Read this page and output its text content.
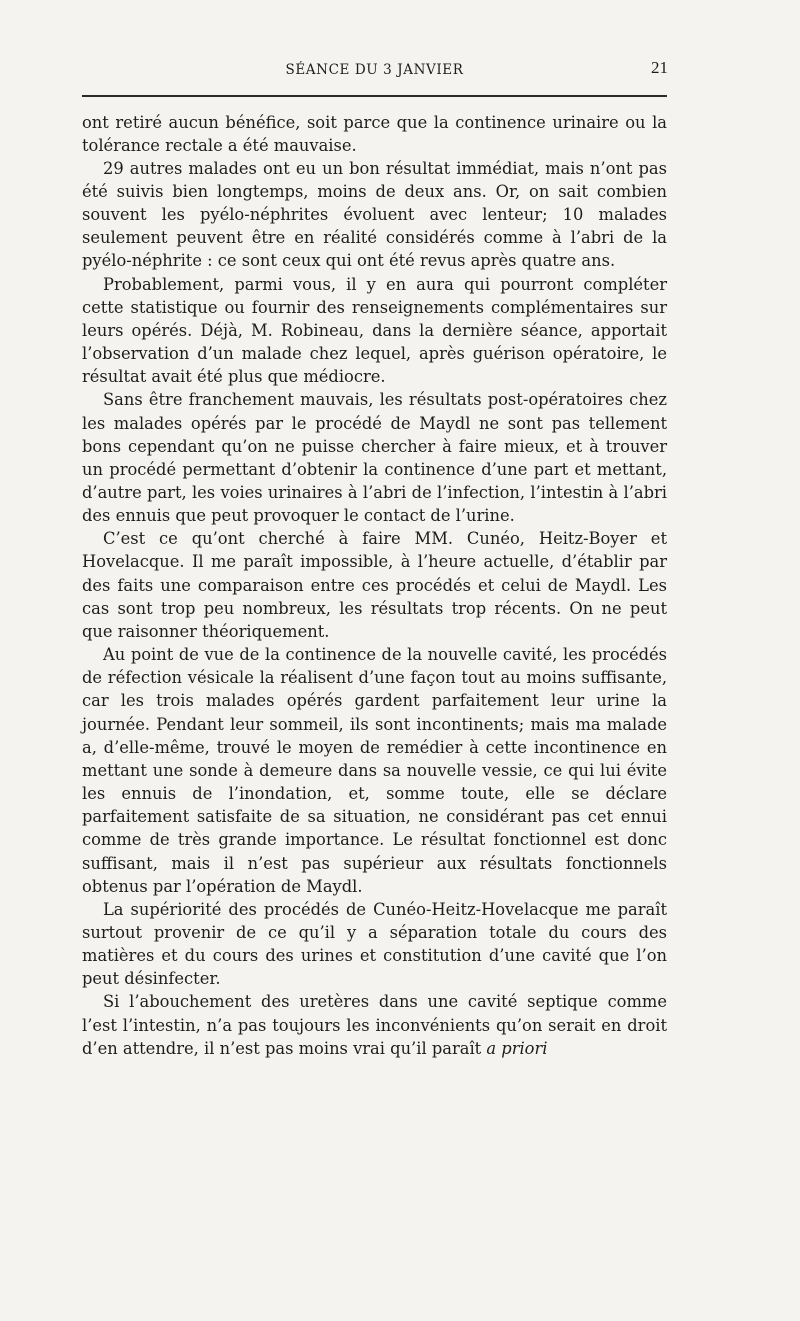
SÉANCE DU 3 JANVIER	21

ont retiré aucun bénéfice, soit parce que la continence urinaire ou la tolérance rectale a été mauvaise.

29 autres malades ont eu un bon résultat immédiat, mais n’ont pas été suivis bien longtemps, moins de deux ans. Or, on sait combien souvent les pyélo-néphrites évoluent avec lenteur; 10 malades seulement peuvent être en réalité considérés comme à l’abri de la pyélo-néphrite : ce sont ceux qui ont été revus après quatre ans.

Probablement, parmi vous, il y en aura qui pourront compléter cette statistique ou fournir des renseignements complémentaires sur leurs opérés. Déjà, M. Robineau, dans la dernière séance, apportait l’observation d’un malade chez lequel, après guérison opératoire, le résultat avait été plus que médiocre.

Sans être franchement mauvais, les résultats post-opératoires chez les malades opérés par le procédé de Maydl ne sont pas tellement bons cependant qu’on ne puisse chercher à faire mieux, et à trouver un procédé permettant d’obtenir la continence d’une part et mettant, d’autre part, les voies urinaires à l’abri de l’infection, l’intestin à l’abri des ennuis que peut provoquer le contact de l’urine.

C’est ce qu’ont cherché à faire MM. Cunéo, Heitz-Boyer et Hovelacque. Il me paraît impossible, à l’heure actuelle, d’établir par des faits une comparaison entre ces procédés et celui de Maydl. Les cas sont trop peu nombreux, les résultats trop récents. On ne peut que raisonner théoriquement.

Au point de vue de la continence de la nouvelle cavité, les procédés de réfection vésicale la réalisent d’une façon tout au moins suffisante, car les trois malades opérés gardent parfaitement leur urine la journée. Pendant leur sommeil, ils sont incontinents; mais ma malade a, d’elle-même, trouvé le moyen de remédier à cette incontinence en mettant une sonde à demeure dans sa nouvelle vessie, ce qui lui évite les ennuis de l’inondation, et, somme toute, elle se déclare parfaitement satisfaite de sa situation, ne considérant pas cet ennui comme de très grande importance. Le résultat fonctionnel est donc suffisant, mais il n’est pas supérieur aux résultats fonctionnels obtenus par l’opération de Maydl.

La supériorité des procédés de Cunéo-Heitz-Hovelacque me paraît surtout provenir de ce qu’il y a séparation totale du cours des matières et du cours des urines et constitution d’une cavité que l’on peut désinfecter.

Si l’abouchement des uretères dans une cavité septique comme l’est l’intestin, n’a pas toujours les inconvénients qu’on serait en droit d’en attendre, il n’est pas moins vrai qu’il paraît a priori
